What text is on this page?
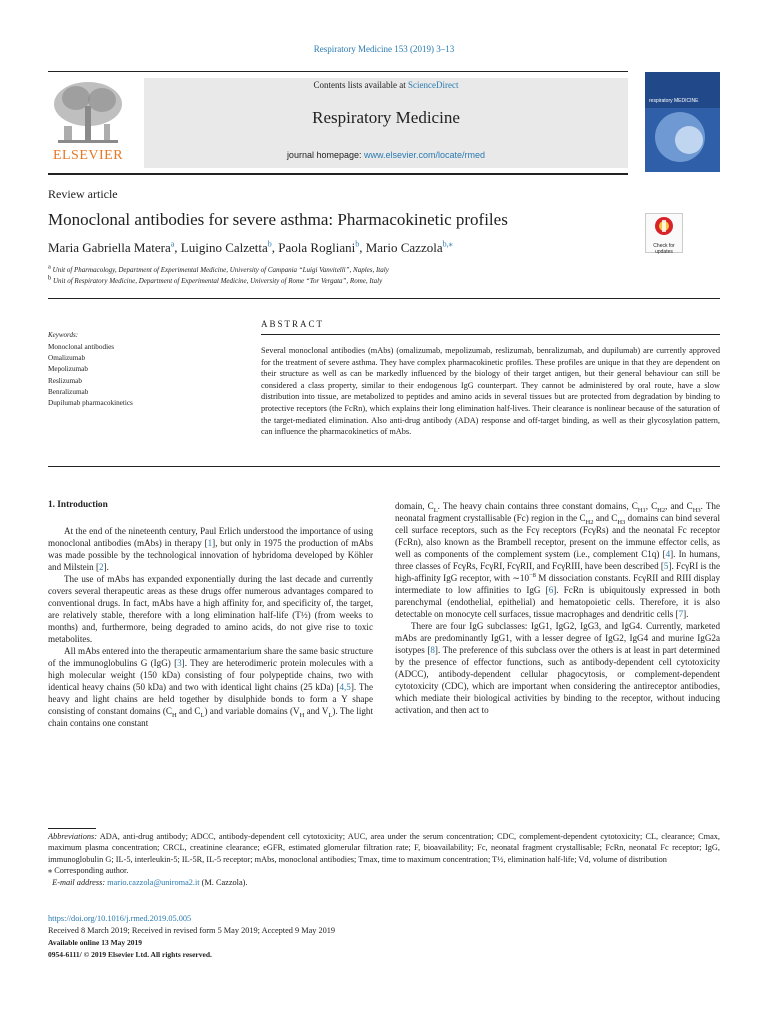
Respiratory Medicine 153 (2019) 3–13
ELSEVIER
Contents lists available at ScienceDirect
Respiratory Medicine
journal homepage: www.elsevier.com/locate/rmed
respiratory MEDICINE
Review article
Monoclonal antibodies for severe asthma: Pharmacokinetic profiles
Check for updates
Maria Gabriella Matera$^a$, Luigino Calzetta$^b$, Paola Rogliani$^b$, Mario Cazzola$^{b,⁎}$
$^a$ Unit of Pharmacology, Department of Experimental Medicine, University of Campania “Luigi Vanvitelli”, Naples, Italy
$^b$ Unit of Respiratory Medicine, Department of Experimental Medicine, University of Rome “Tor Vergata”, Rome, Italy
ABSTRACT
Keywords:
Monoclonal antibodies
Omalizumab
Mepolizumab
Reslizumab
Benralizumab
Dupilumab pharmacokinetics
Several monoclonal antibodies (mAbs) (omalizumab, mepolizumab, reslizumab, benralizumab, and dupilumab) are currently approved for the treatment of severe asthma. They have complex pharmacokinetic profiles. These profiles are unique in that they are dependent on their structure as well as can be markedly influenced by the biology of their target antigen, but their general behaviour can still be considered a class property, similar to their endogenous IgG counterpart. They cannot be administered by oral route, have a slow distribution into tissue, are metabolized to peptides and amino acids in several tissues but are protected from degradation by binding to protective receptors (the FcRn), which explains their long elimination half-lives. Their clearance is nonlinear because of the saturation of the target-mediated elimination. Also anti-drug antibody (ADA) response and off-target binding, as well as their glycosylation pattern, can influence the pharmacokinetics of mAbs.
1. Introduction

At the end of the nineteenth century, Paul Erlich understood the importance of using monoclonal antibodies (mAbs) in therapy [1], but only in 1975 the production of mAbs was made possible by the technological innovation of hybridoma developed by Köhler and Milstein [2].

The use of mAbs has expanded exponentially during the last decade and currently covers several therapeutic areas as these drugs offer numerous advantages compared to conventional drugs. In fact, mAbs have a high affinity for, and specificity of, the target, are relatively stable, therefore with a long elimination half-life (T½) (from weeks to months) and, furthermore, being degraded to amino acids, do not give rise to toxic metabolites.

All mAbs entered into the therapeutic armamentarium share the same basic structure of the immunoglobulins G (IgG) [3]. They are heterodimeric protein molecules with a high molecular weight (150 kDa) consisting of four polypeptide chains, two with identical heavy chains (50 kDa) and two with identical light chains (25 kDa) [4,5]. The heavy and light chains are held together by disulphide bonds to form a Y shape consisting of constant domains ($C_H$ and $C_L$) and variable domains ($V_H$ and $V_L$). The light chain contains one constant

domain, $C_L$. The heavy chain contains three constant domains, $C_{H1}$, $C_{H2}$, and $C_{H3}$. The neonatal fragment crystallisable (Fc) region in the $C_{H2}$ and $C_{H3}$ domains can bind several cell surface receptors, such as the Fcγ receptors (FcγRs) and the neonatal Fc receptor (FcRn), also known as the Brambell receptor, present on the immune effector cells, as well as components of the complement system (i.e., complement C1q) [4]. In humans, three classes of FcγRs, FcγRI, FcγRII, and FcγRIII, have been described [5]. FcγRI is the high-affinity IgG receptor, with $\sim 10^{-8}$ M dissociation constants. FcγRII and RIII display intermediate to low affinities to IgG [6]. FcRn is ubiquitously expressed in both parenchymal (endothelial, epithelial) and hematopoietic cells. Therefore, it is also detectable on monocyte cell surfaces, tissue macrophages and dendritic cells [7].

There are four IgG subclasses: IgG1, IgG2, IgG3, and IgG4. Currently, marketed mAbs are predominantly IgG1, with a lesser degree of IgG2, IgG4 and murine IgG2a isotypes [8]. The preference of this subclass over the others is at least in part determined by the presence of effector functions, such as antibody-dependent cell cytotoxicity (ADCC), antibody-dependent cellular phagocytosis, or complement-dependent cytotoxicity (CDC), which are important when considering the antireceptor antibodies, which mediate their biological activities by binding to the receptor, without inducing activation, and then act to

Abbreviations: ADA, anti-drug antibody; ADCC, antibody-dependent cell cytotoxicity; AUC, area under the serum concentration; CDC, complement-dependent cytotoxicity; CL, clearance; Cmax, maximum plasma concentration; CRCL, creatinine clearance; eGFR, estimated glomerular filtration rate; F, bioavailability; Fc, neonatal fragment crystallisable; FcRn, neonatal Fc receptor; IgG, immunoglobulin G; IL-5, interleukin-5; IL-5R, IL-5 receptor; mAbs, monoclonal antibodies; Tmax, time to maximum concentration; T½, elimination half-life; Vd, volume of distribution

⁎ Corresponding author.

E-mail address: mario.cazzola@uniroma2.it (M. Cazzola).

https://doi.org/10.1016/j.rmed.2019.05.005

Received 8 March 2019; Received in revised form 5 May 2019; Accepted 9 May 2019

Available online 13 May 2019

0954-6111/ © 2019 Elsevier Ltd. All rights reserved.
